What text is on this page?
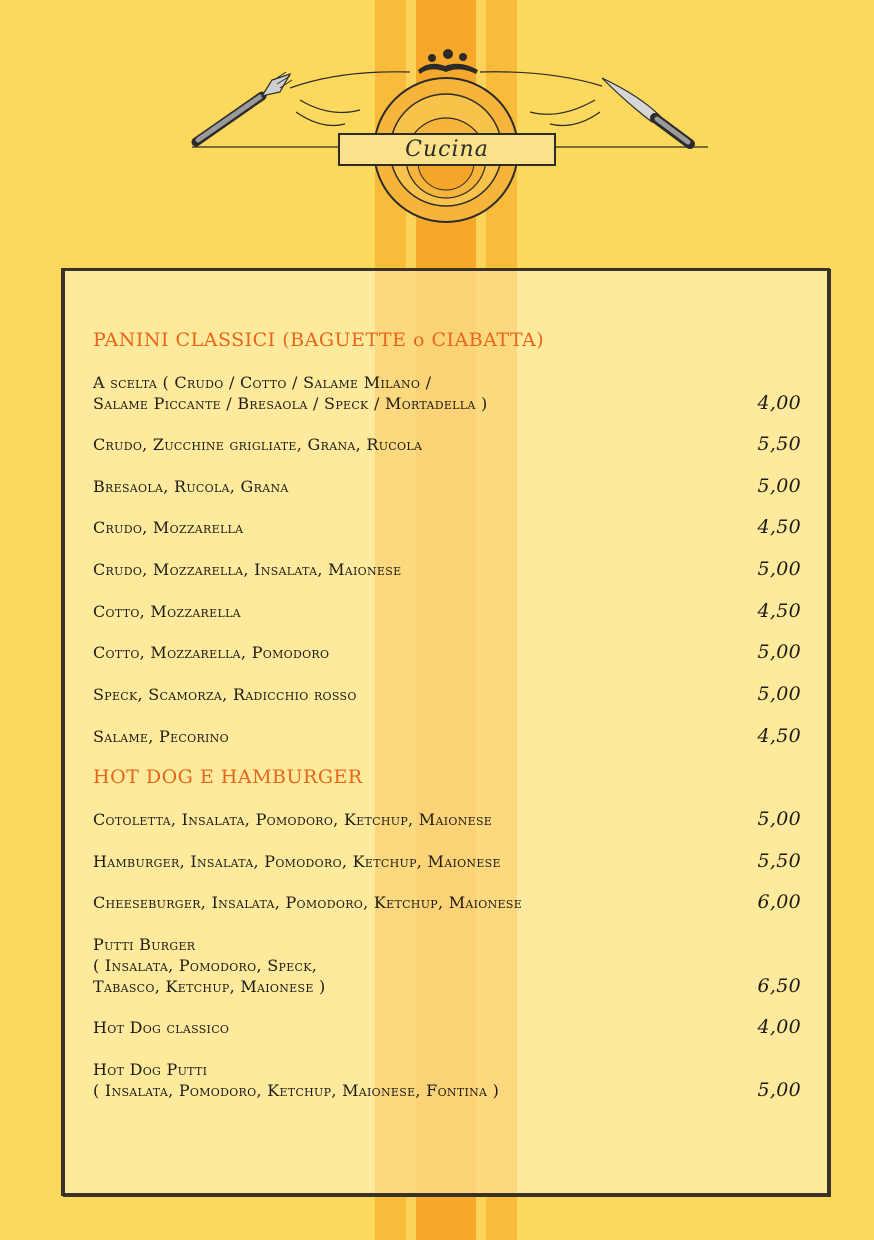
Cucina
PANINI CLASSICI (BAGUETTE o CIABATTA)
A scelta ( Crudo / Cotto / Salame Milano /
Salame Piccante / Bresaola / Speck / Mortadella )	4,00
Crudo, Zucchine grigliate, Grana, Rucola	5,50
Bresaola, Rucola, Grana	5,00
Crudo, Mozzarella	4,50
Crudo, Mozzarella, Insalata, Maionese	5,00
Cotto, Mozzarella	4,50
Cotto, Mozzarella, Pomodoro	5,00
Speck, Scamorza, Radicchio rosso	5,00
Salame, Pecorino	4,50
HOT DOG E HAMBURGER
Cotoletta, Insalata, Pomodoro, Ketchup, Maionese	5,00
Hamburger, Insalata, Pomodoro, Ketchup, Maionese	5,50
Cheeseburger, Insalata, Pomodoro, Ketchup, Maionese	6,00
Putti Burger
( Insalata, Pomodoro, Speck,
Tabasco, Ketchup, Maionese )	6,50
Hot Dog classico	4,00
Hot Dog Putti
( Insalata, Pomodoro, Ketchup, Maionese, Fontina )	5,00
